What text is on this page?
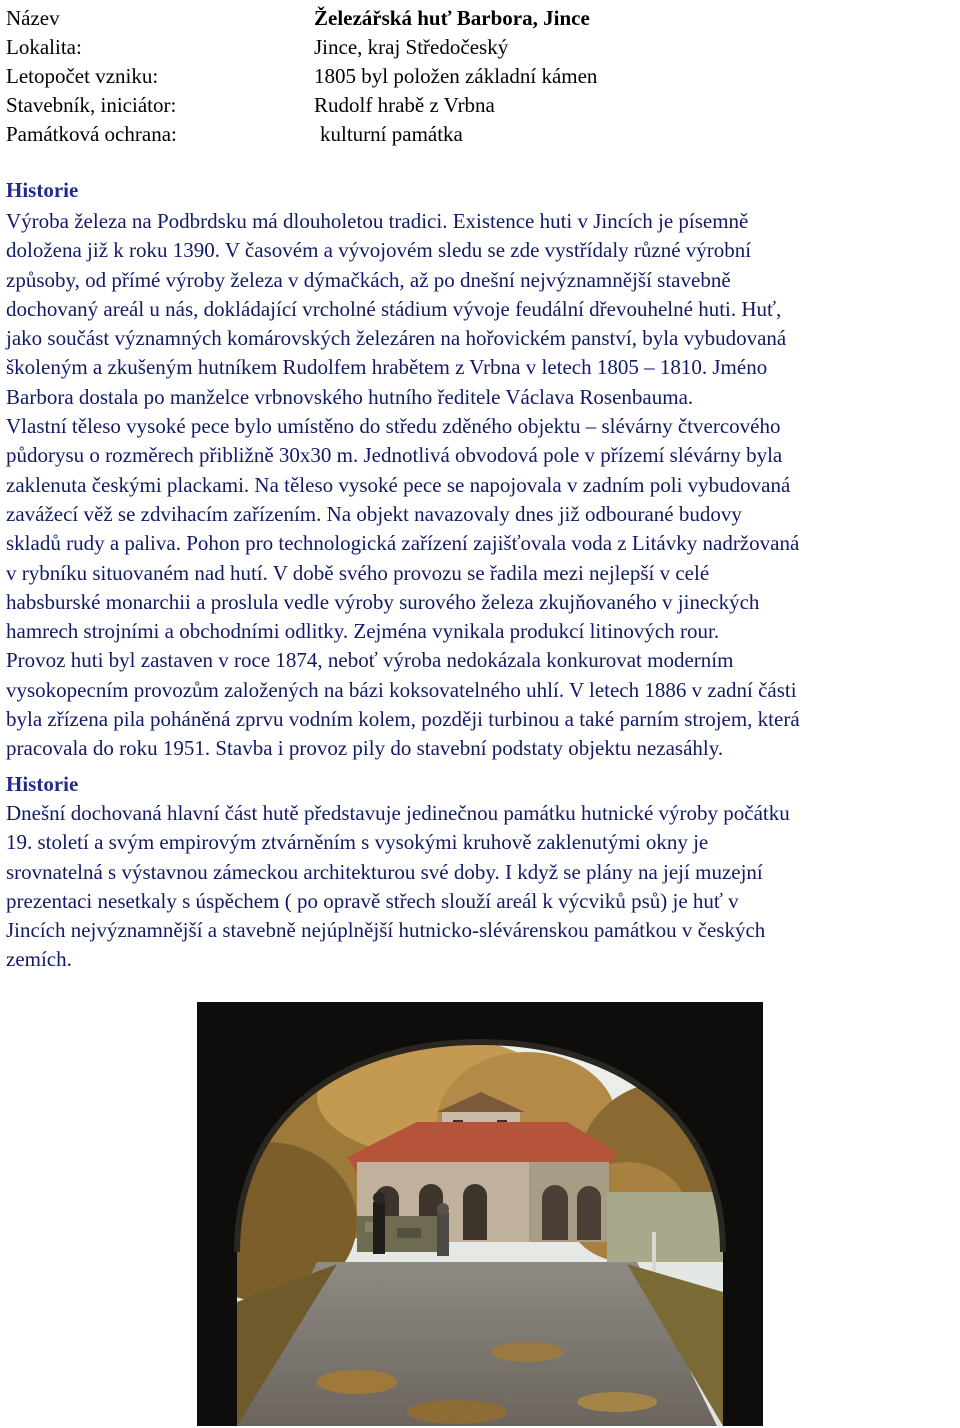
Název	Železářská huť Barbora, Jince
Lokalita:	Jince, kraj Středočeský
Letopočet vzniku:	1805 byl položen základní kámen
Stavebník, iniciátor:	Rudolf hrabě z Vrbna
Památková ochrana:	kulturní památka
Historie
Výroba železa na Podbrdsku má dlouholetou tradici. Existence huti v Jincích je písemně
doložena již k roku 1390. V časovém a vývojovém sledu se zde vystřídaly různé výrobní
způsoby, od přímé výroby železa v dýmačkách, až po dnešní nejvýznamnější stavebně
dochovaný areál u nás, dokládající vrcholné stádium vývoje feudální dřevouhelné huti. Huť,
jako součást významných komárovských železáren na hořovickém panství, byla vybudovaná
školeným a zkušeným hutníkem Rudolfem hrabětem z Vrbna v letech 1805 – 1810. Jméno
Barbora dostala po manželce vrbnovského hutního ředitele Václava Rosenbauma.
Vlastní těleso vysoké pece bylo umístěno do středu zděného objektu – slévárny čtvercového
půdorysu o rozměrech přibližně 30x30 m. Jednotlivá obvodová pole v přízemí slévárny byla
zaklenuta českými plackami. Na těleso vysoké pece se napojovala v zadním poli vybudovaná
zavážecí věž se zdvihacím zařízením. Na objekt navazovaly dnes již odbourané budovy
skladů rudy a paliva. Pohon pro technologická zařízení zajišťovala voda z Litávky nadržovaná
v rybníku situovaném nad hutí. V době svého provozu se řadila mezi nejlepší v celé
habsburské monarchii a proslula vedle výroby surového železa zkujňovaného v jineckých
hamrech strojními a obchodními odlitky. Zejména vynikala produkcí litinových rour.
Provoz huti byl zastaven v roce 1874, neboť výroba nedokázala konkurovat moderním
vysokopecním provozům založených na bázi koksovatelného uhlí. V letech 1886 v zadní části
byla zřízena pila poháněná zprvu vodním kolem, později turbinou a také parním strojem, která
pracovala do roku 1951. Stavba i provoz pily do stavební podstaty objektu nezasáhly.
Historie
Dnešní dochovaná hlavní část hutě představuje jedinečnou památku hutnické výroby počátku
19. století a svým empirovým ztvárněním s vysokými kruhově zaklenutými okny je
srovnatelná s výstavnou zámeckou architekturou své doby. I když se plány na její muzejní
prezentaci nesetkaly s úspěchem ( po opravě střech slouží areál k výcviků psů) je huť v
Jincích nejvýznamnější a stavebně nejúplnější hutnicko-slévárenskou památkou v českých
zemích.
